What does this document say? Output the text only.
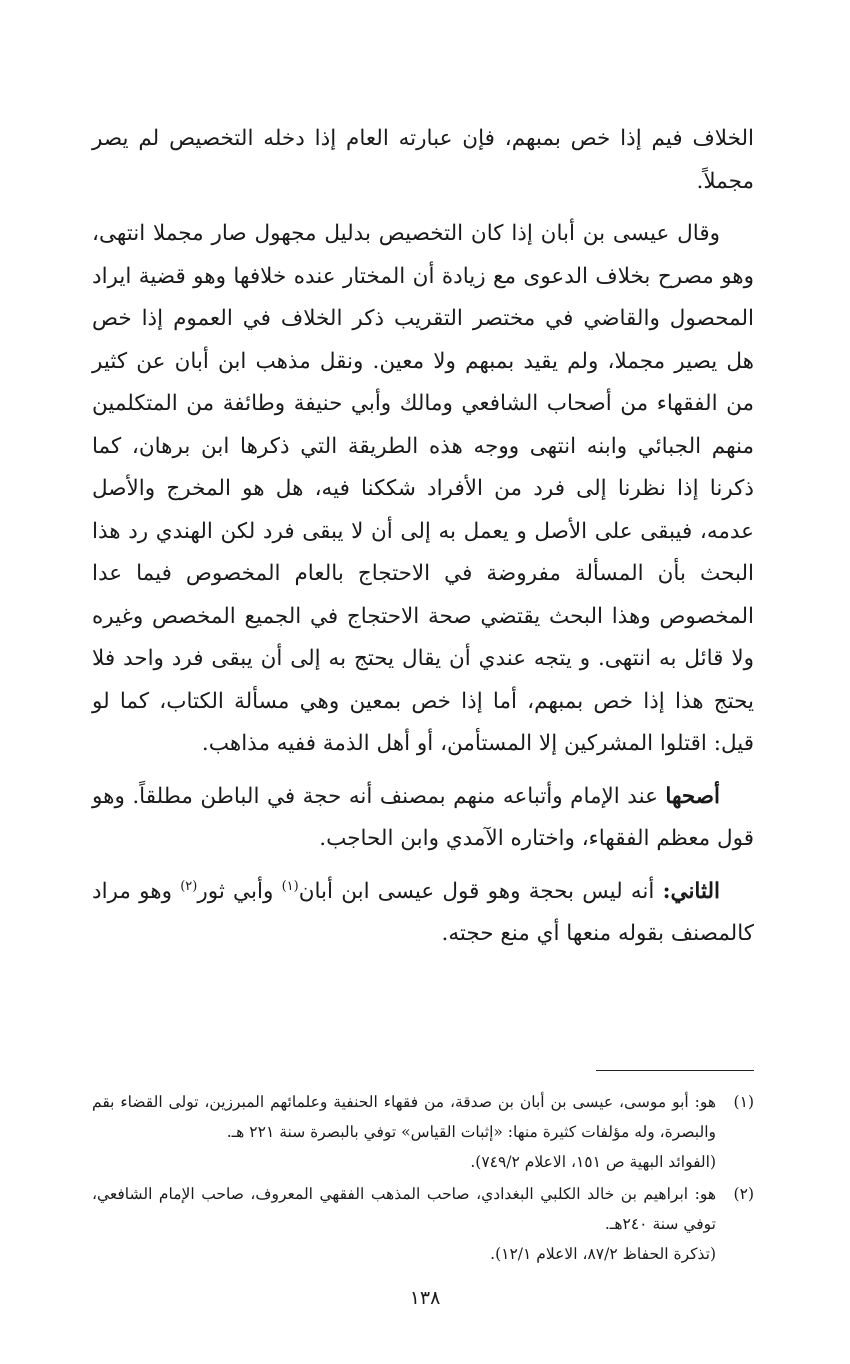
الخلاف فيم إذا خص بمبهم، فإن عبارته العام إذا دخله التخصيص لم يصر مجملاً.

وقال عيسى بن أبان إذا كان التخصيص بدليل مجهول صار مجملا انتهى، وهو مصرح بخلاف الدعوى مع زيادة أن المختار عنده خلافها وهو قضية ايراد المحصول والقاضي في مختصر التقريب ذكر الخلاف في العموم إذا خص هل يصير مجملا، ولم يقيد بمبهم ولا معين. ونقل مذهب ابن أبان عن كثير من الفقهاء من أصحاب الشافعي ومالك وأبي حنيفة وطائفة من المتكلمين منهم الجبائي وابنه انتهى ووجه هذه الطريقة التي ذكرها ابن برهان، كما ذكرنا إذا نظرنا إلى فرد من الأفراد شككنا فيه، هل هو المخرج والأصل عدمه، فيبقى على الأصل و يعمل به إلى أن لا يبقى فرد لكن الهندي رد هذا البحث بأن المسألة مفروضة في الاحتجاج بالعام المخصوص فيما عدا المخصوص وهذا البحث يقتضي صحة الاحتجاج في الجميع المخصص وغيره ولا قائل به انتهى. و يتجه عندي أن يقال يحتج به إلى أن يبقى فرد واحد فلا يحتج هذا إذا خص بمبهم، أما إذا خص بمعين وهي مسألة الكتاب، كما لو قيل: اقتلوا المشركين إلا المستأمن، أو أهل الذمة ففيه مذاهب.

أصحها عند الإمام وأتباعه منهم بمصنف أنه حجة في الباطن مطلقاً. وهو قول معظم الفقهاء، واختاره الآمدي وابن الحاجب.

الثاني: أنه ليس بحجة وهو قول عيسى ابن أبان$^{(١)}$ وأبي ثور$^{(٢)}$ وهو مراد كالمصنف بقوله منعها أي منع حجته.

(١)
هو: أبو موسى، عيسى بن أبان بن صدقة، من فقهاء الحنفية وعلمائهم المبرزين، تولى القضاء بقم والبصرة، وله مؤلفات كثيرة منها: «إثبات القياس» توفي بالبصرة سنة ٢٢١ هـ.
(الفوائد البهية ص ١٥١، الاعلام ٧٤٩/٢).
(٢)
هو: ابراهيم بن خالد الكلبي البغدادي، صاحب المذهب الفقهي المعروف، صاحب الإمام الشافعي، توفي سنة ٢٤٠هـ.
(تذكرة الحفاظ ٨٧/٢، الاعلام ١٢/١).
١٣٨
